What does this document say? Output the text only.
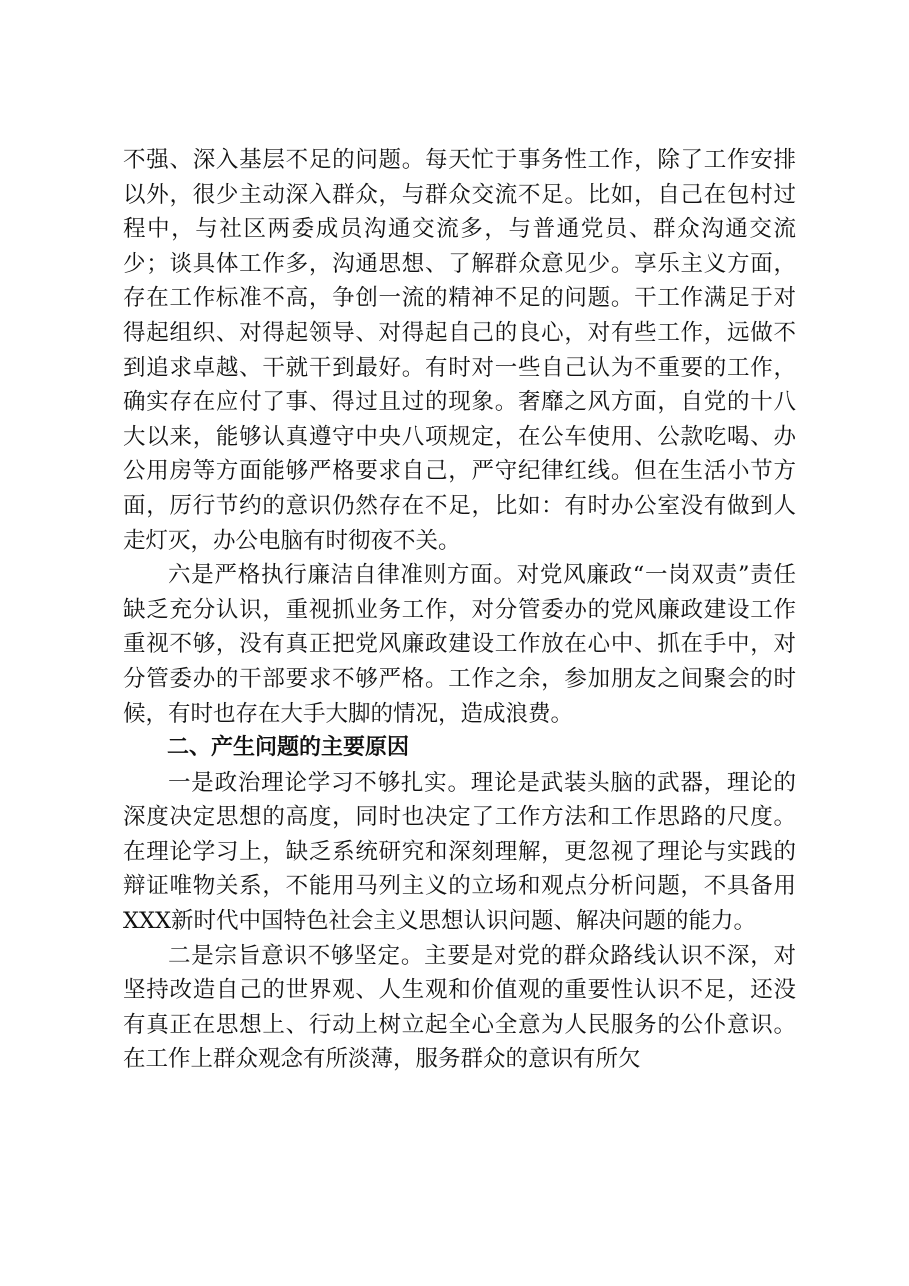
不强、深入基层不足的问题。每天忙于事务性工作，除了工作安排以外，很少主动深入群众，与群众交流不足。比如，自己在包村过程中，与社区两委成员沟通交流多，与普通党员、群众沟通交流少；谈具体工作多，沟通思想、了解群众意见少。享乐主义方面，存在工作标准不高，争创一流的精神不足的问题。干工作满足于对得起组织、对得起领导、对得起自己的良心，对有些工作，远做不到追求卓越、干就干到最好。有时对一些自己认为不重要的工作，确实存在应付了事、得过且过的现象。奢靡之风方面，自党的十八大以来，能够认真遵守中央八项规定，在公车使用、公款吃喝、办公用房等方面能够严格要求自己，严守纪律红线。但在生活小节方面，厉行节约的意识仍然存在不足，比如：有时办公室没有做到人走灯灭，办公电脑有时彻夜不关。

六是严格执行廉洁自律准则方面。对党风廉政“一岗双责”责任缺乏充分认识，重视抓业务工作，对分管委办的党风廉政建设工作重视不够，没有真正把党风廉政建设工作放在心中、抓在手中，对分管委办的干部要求不够严格。工作之余，参加朋友之间聚会的时候，有时也存在大手大脚的情况，造成浪费。

二、产生问题的主要原因

一是政治理论学习不够扎实。理论是武装头脑的武器，理论的深度决定思想的高度，同时也决定了工作方法和工作思路的尺度。在理论学习上，缺乏系统研究和深刻理解，更忽视了理论与实践的辩证唯物关系，不能用马列主义的立场和观点分析问题，不具备用XXX新时代中国特色社会主义思想认识问题、解决问题的能力。

二是宗旨意识不够坚定。主要是对党的群众路线认识不深，对坚持改造自己的世界观、人生观和价值观的重要性认识不足，还没有真正在思想上、行动上树立起全心全意为人民服务的公仆意识。在工作上群众观念有所淡薄，服务群众的意识有所欠
